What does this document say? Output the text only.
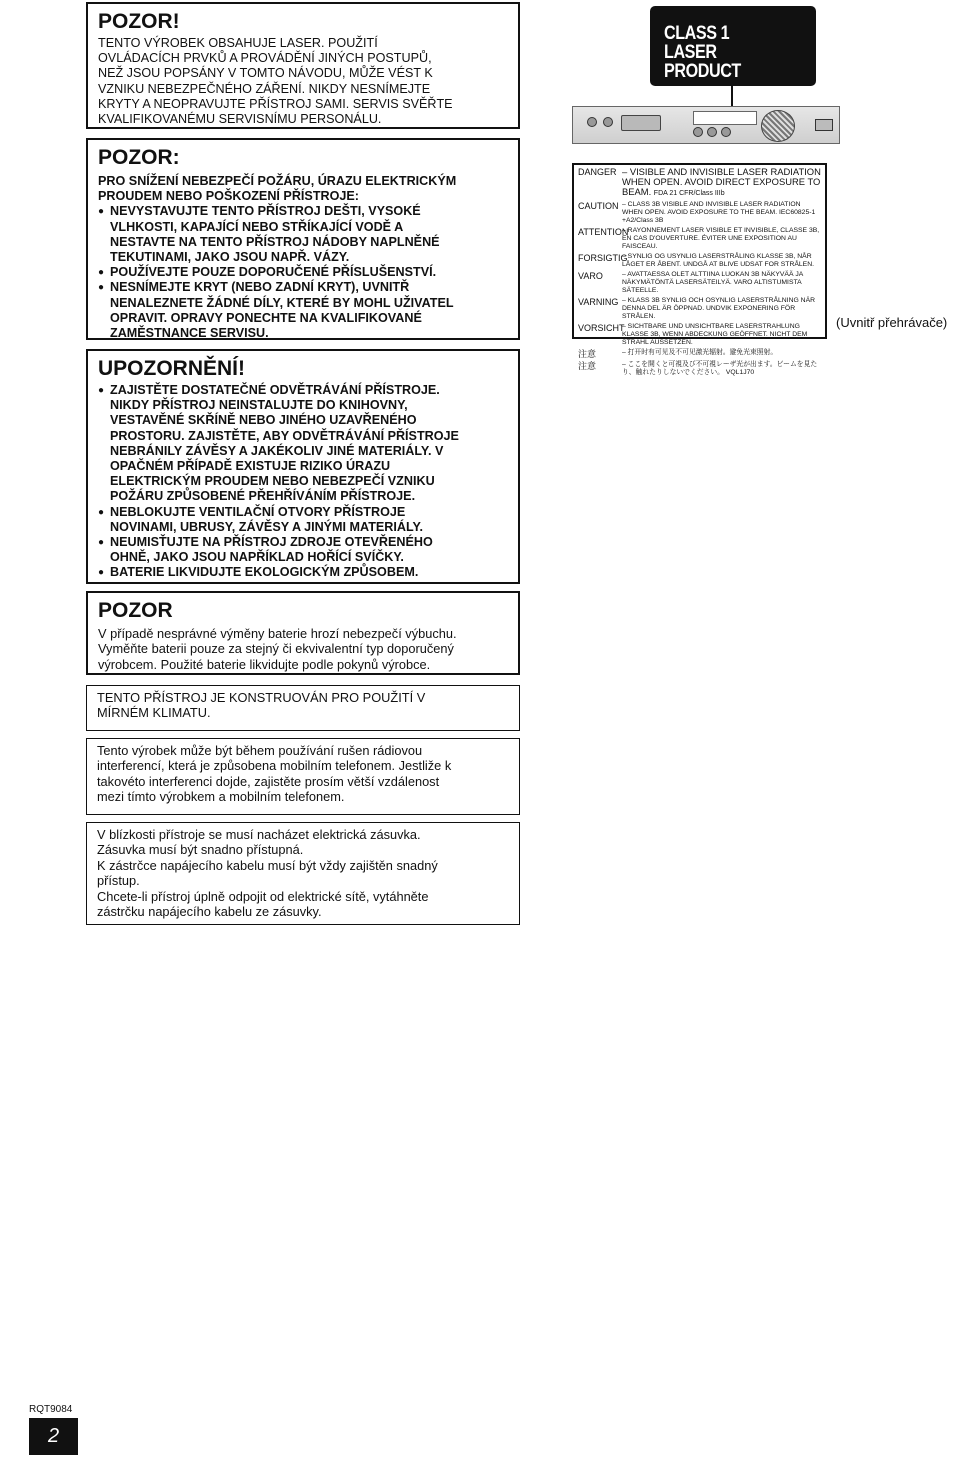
POZOR!
TENTO VÝROBEK OBSAHUJE LASER. POUŽITÍ
OVLÁDACÍCH PRVKŮ A PROVÁDĚNÍ JINÝCH POSTUPŮ,
NEŽ JSOU POPSÁNY V TOMTO NÁVODU, MŮŽE VÉST K
VZNIKU NEBEZPEČNÉHO ZÁŘENÍ. NIKDY NESNÍMEJTE
KRYTY A NEOPRAVUJTE PŘÍSTROJ SAMI. SERVIS SVĚŘTE
KVALIFIKOVANÉMU SERVISNÍMU PERSONÁLU.
POZOR:
PRO SNÍŽENÍ NEBEZPEČÍ POŽÁRU, ÚRAZU ELEKTRICKÝM
PROUDEM NEBO POŠKOZENÍ PŘÍSTROJE:
● NEVYSTAVUJTE TENTO PŘÍSTROJ DEŠTI, VYSOKÉ
VLHKOSTI, KAPAJÍCÍ NEBO STŘÍKAJÍCÍ VODĚ A
NESTAVTE NA TENTO PŘÍSTROJ NÁDOBY NAPLNĚNÉ
TEKUTINAMI, JAKO JSOU NAPŘ. VÁZY.
● POUŽÍVEJTE POUZE DOPORUČENÉ PŘÍSLUŠENSTVÍ.
● NESNÍMEJTE KRYT (NEBO ZADNÍ KRYT), UVNITŘ
NENALEZNETE ŽÁDNÉ DÍLY, KTERÉ BY MOHL UŽIVATEL
OPRAVIT. OPRAVY PONECHTE NA KVALIFIKOVANÉ
ZAMĚSTNANCE SERVISU.
UPOZORNĚNÍ!
● ZAJISTĚTE DOSTATEČNÉ ODVĚTRÁVÁNÍ PŘÍSTROJE.
NIKDY PŘÍSTROJ NEINSTALUJTE DO KNIHOVNY,
VESTAVĚNÉ SKŘÍNĚ NEBO JINÉHO UZAVŘENÉHO
PROSTORU. ZAJISTĚTE, ABY ODVĚTRÁVÁNÍ PŘÍSTROJE
NEBRÁNILY ZÁVĚSY A JAKÉKOLIV JINÉ MATERIÁLY. V
OPAČNÉM PŘÍPADĚ EXISTUJE RIZIKO ÚRAZU
ELEKTRICKÝM PROUDEM NEBO NEBEZPEČÍ VZNIKU
POŽÁRU ZPŮSOBENÉ PŘEHŘÍVÁNÍM PŘÍSTROJE.
● NEBLOKUJTE VENTILAČNÍ OTVORY PŘÍSTROJE
NOVINAMI, UBRUSY, ZÁVĚSY A JINÝMI MATERIÁLY.
● NEUMISŤUJTE NA PŘÍSTROJ ZDROJE OTEVŘENÉHO
OHNĚ, JAKO JSOU NAPŘÍKLAD HOŘÍCÍ SVÍČKY.
● BATERIE LIKVIDUJTE EKOLOGICKÝM ZPŮSOBEM.
POZOR
V případě nesprávné výměny baterie hrozí nebezpečí výbuchu.
Vyměňte baterii pouze za stejný či ekvivalentní typ doporučený
výrobcem. Použité baterie likvidujte podle pokynů výrobce.
TENTO PŘÍSTROJ JE KONSTRUOVÁN PRO POUŽITÍ V
MÍRNÉM KLIMATU.
Tento výrobek může být během používání rušen rádiovou
interferencí, která je způsobena mobilním telefonem. Jestliže k
takovéto interferenci dojde, zajistěte prosím větší vzdálenost
mezi tímto výrobkem a mobilním telefonem.
V blízkosti přístroje se musí nacházet elektrická zásuvka.
Zásuvka musí být snadno přístupná.
K zástrčce napájecího kabelu musí být vždy zajištěn snadný
přístup.
Chcete-li přístroj úplně odpojit od elektrické sítě, vytáhněte
zástrčku napájecího kabelu ze zásuvky.
CLASS 1
LASER PRODUCT
DANGER – VISIBLE AND INVISIBLE LASER RADIATION WHEN OPEN. AVOID DIRECT EXPOSURE TO BEAM. FDA 21 CFR/Class IIIb
CAUTION – CLASS 3B VISIBLE AND INVISIBLE LASER RADIATION WHEN OPEN. AVOID EXPOSURE TO THE BEAM. IEC60825-1 +A2/Class 3B
ATTENTION
– RAYONNEMENT LASER VISIBLE ET INVISIBLE, CLASSE 3B, EN CAS D'OUVERTURE. ÉVITER UNE EXPOSITION AU FAISCEAU.
FORSIGTIG
– SYNLIG OG USYNLIG LASERSTRÅLING KLASSE 3B, NÅR LÅGET ER ÅBENT. UNDGÅ AT BLIVE UDSAT FOR STRÅLEN.
VARO	– AVATTAESSA OLET ALTTIINA LUOKAN 3B NÄKYVÄÄ JA NÄKYMÄTÖNTÄ LASERSÄTEILYÄ. VARO ALTISTUMISTA SÄTEELLE.
VARNING – KLASS 3B SYNLIG OCH OSYNLIG LASERSTRÅLNING NÄR DENNA DEL ÄR ÖPPNAD. UNDVIK EXPONERING FÖR STRÅLEN.
VORSICHT
– SICHTBARE UND UNSICHTBARE LASERSTRAHLUNG KLASSE 3B, WENN ABDECKUNG GEÖFFNET. NICHT DEM STRAHL AUSSETZEN.
注意	– 打开时有可见及不可见激光辐射。避免光束照射。
注意	– ここを開くと可視及び不可視レーザ光が出ます。ビームを見たり、触れたりしないでください。 VQL1J70
(Uvnitř přehrávače)
RQT9084
2
